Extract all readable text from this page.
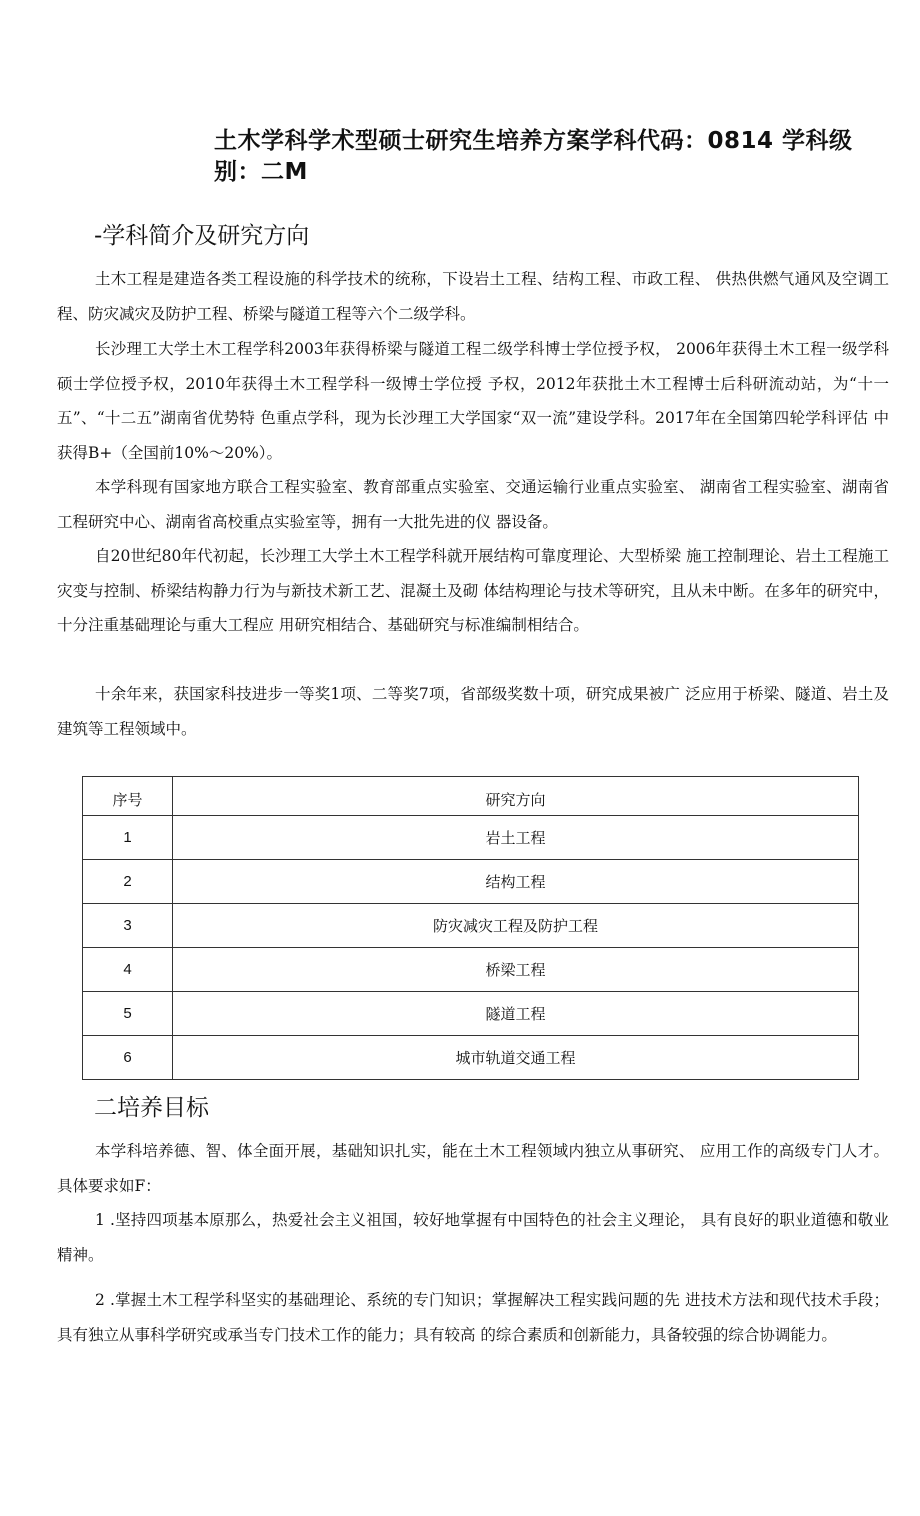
土木学科学术型硕士研究生培养方案学科代码：0814 学科级别：二M
-学科简介及研究方向

土木工程是建造各类工程设施的科学技术的统称，下设岩土工程、结构工程、市政工程、 供热供燃气通风及空调工程、防灾减灾及防护工程、桥梁与隧道工程等六个二级学科。

长沙理工大学土木工程学科2003年获得桥梁与隧道工程二级学科博士学位授予权， 2006年获得土木工程一级学科硕士学位授予权，2010年获得土木工程学科一级博士学位授 予权，2012年获批土木工程博士后科研流动站，为“十一五”、“十二五”湖南省优势特 色重点学科，现为长沙理工大学国家“双一流”建设学科。2017年在全国第四轮学科评估 中获得B+（全国前10%〜20%）。

本学科现有国家地方联合工程实验室、教育部重点实验室、交通运输行业重点实验室、 湖南省工程实验室、湖南省工程研究中心、湖南省高校重点实验室等，拥有一大批先进的仪 器设备。

自20世纪80年代初起，长沙理工大学土木工程学科就开展结构可靠度理论、大型桥梁 施工控制理论、岩土工程施工灾变与控制、桥梁结构静力行为与新技术新工艺、混凝土及砌 体结构理论与技术等研究，且从未中断。在多年的研究中，十分注重基础理论与重大工程应 用研究相结合、基础研究与标准编制相结合。

十余年来，获国家科技进步一等奖1项、二等奖7项，省部级奖数十项，研究成果被广 泛应用于桥梁、隧道、岩土及建筑等工程领域中。

序号	研究方向
1	岩土工程
2	结构工程
3	防灾减灾工程及防护工程
4	桥梁工程
5	隧道工程
6	城市轨道交通工程
二培养目标

本学科培养德、智、体全面开展，基础知识扎实，能在土木工程领域内独立从事研究、 应用工作的高级专门人才。具体要求如F：

1 .坚持四项基本原那么，热爱社会主义祖国，较好地掌握有中国特色的社会主义理论， 具有良好的职业道德和敬业精神。

2 .掌握土木工程学科坚实的基础理论、系统的专门知识；掌握解决工程实践问题的先 进技术方法和现代技术手段；具有独立从事科学研究或承当专门技术工作的能力；具有较高 的综合素质和创新能力，具备较强的综合协调能力。
